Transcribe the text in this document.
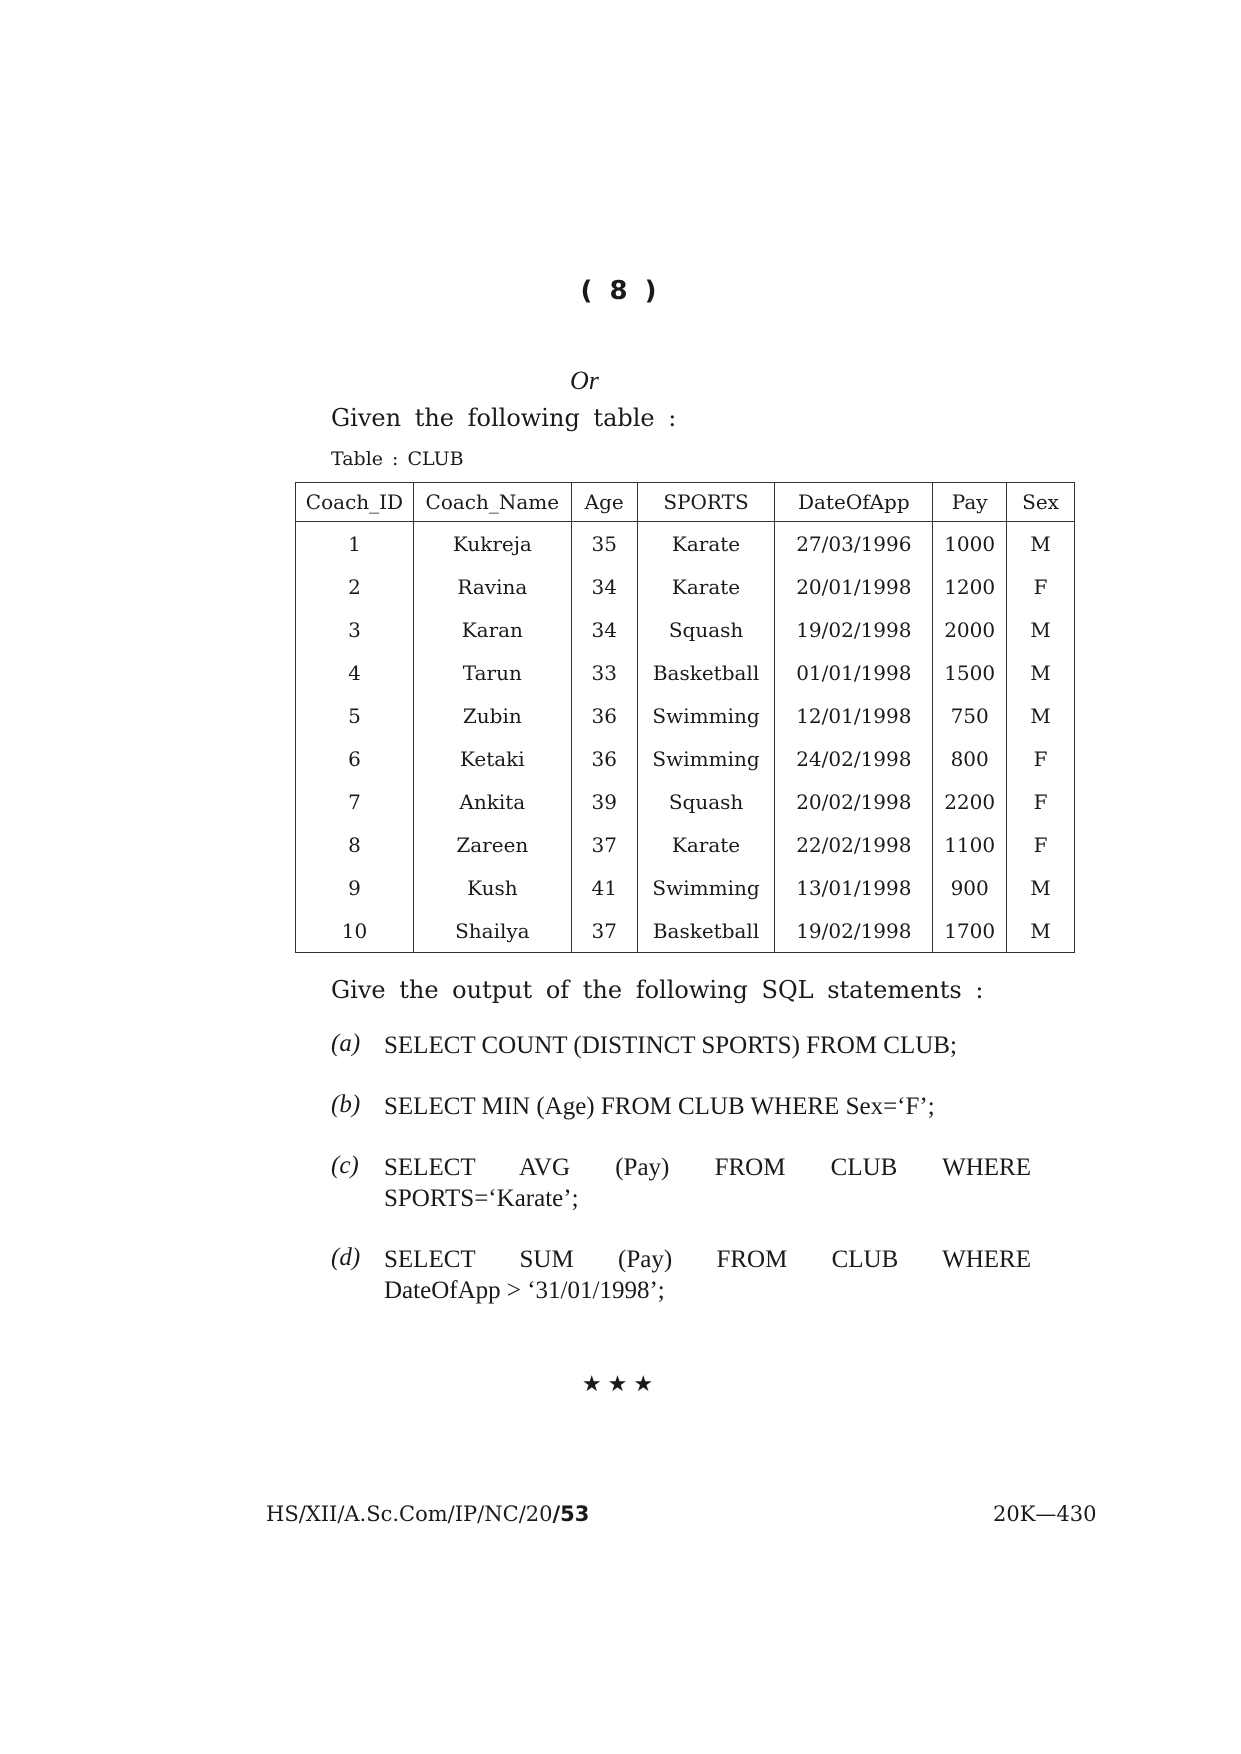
( 8 )
Or
Given the following table :
Table : CLUB
Coach_ID	Coach_Name	Age	SPORTS	DateOfApp	Pay	Sex
1	Kukreja	35	Karate	27/03/1996	1000	M
2	Ravina	34	Karate	20/01/1998	1200	F
3	Karan	34	Squash	19/02/1998	2000	M
4	Tarun	33	Basketball	01/01/1998	1500	M
5	Zubin	36	Swimming	12/01/1998	750	M
6	Ketaki	36	Swimming	24/02/1998	800	F
7	Ankita	39	Squash	20/02/1998	2200	F
8	Zareen	37	Karate	22/02/1998	1100	F
9	Kush	41	Swimming	13/01/1998	900	M
10	Shailya	37	Basketball	19/02/1998	1700	M
Give the output of the following SQL statements :
(a) SELECT COUNT (DISTINCT SPORTS) FROM CLUB;
(b) SELECT MIN (Age) FROM CLUB WHERE Sex=‘F’;
(c) SELECT AVG (Pay) FROM CLUB WHERE
SPORTS=‘Karate’;
(d) SELECT SUM (Pay) FROM CLUB WHERE
DateOfApp > ‘31/01/1998’;
★★★
HS/XII/A.Sc.Com/IP/NC/20/53	20K—430
